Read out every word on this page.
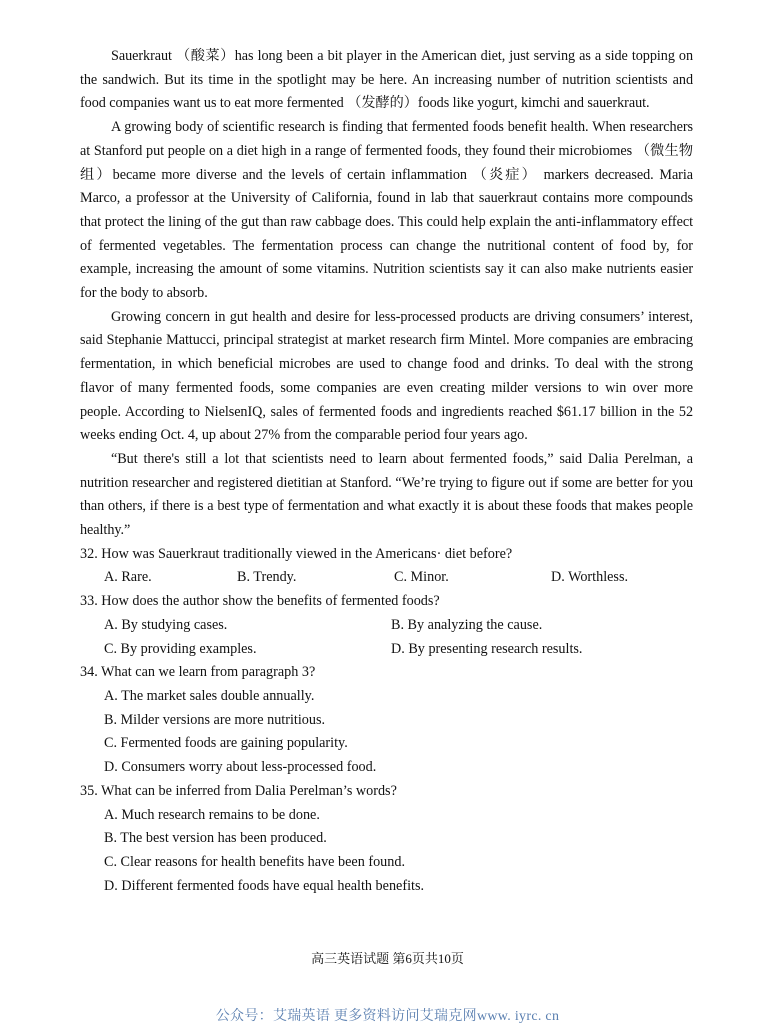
Sauerkraut （酸菜）has long been a bit player in the American diet, just serving as a side topping on the sandwich. But its time in the spotlight may be here. An increasing number of nutrition scientists and food companies want us to eat more fermented （发酵的）foods like yogurt, kimchi and sauerkraut.

A growing body of scientific research is finding that fermented foods benefit health. When researchers at Stanford put people on a diet high in a range of fermented foods, they found their microbiomes （微生物组）became more diverse and the levels of certain inflammation （炎症） markers decreased. Maria Marco, a professor at the University of California, found in lab that sauerkraut contains more compounds that protect the lining of the gut than raw cabbage does. This could help explain the anti-inflammatory effect of fermented vegetables. The fermentation process can change the nutritional content of food by, for example, increasing the amount of some vitamins. Nutrition scientists say it can also make nutrients easier for the body to absorb.

Growing concern in gut health and desire for less-processed products are driving consumers’ interest, said Stephanie Mattucci, principal strategist at market research firm Mintel. More companies are embracing fermentation, in which beneficial microbes are used to change food and drinks. To deal with the strong flavor of many fermented foods, some companies are even creating milder versions to win over more people. According to NielsenIQ, sales of fermented foods and ingredients reached $61.17 billion in the 52 weeks ending Oct. 4, up about 27% from the comparable period four years ago.

“But there's still a lot that scientists need to learn about fermented foods,” said Dalia Perelman, a nutrition researcher and registered dietitian at Stanford. “We’re trying to figure out if some are better for you than others, if there is a best type of fermentation and what exactly it is about these foods that makes people healthy.”

32. How was Sauerkraut traditionally viewed in the Americans· diet before?

A. Rare.	B. Trendy.	C. Minor.	D. Worthless.

33. How does the author show the benefits of fermented foods?

A. By studying cases.	B. By analyzing the cause.
C. By providing examples.	D. By presenting research results.

34. What can we learn from paragraph 3?

A. The market sales double annually.
B. Milder versions are more nutritious.
C. Fermented foods are gaining popularity.
D. Consumers worry about less-processed food.

35. What can be inferred from Dalia Perelman’s words?

A. Much research remains to be done.
B. The best version has been produced.
C. Clear reasons for health benefits have been found.
D. Different fermented foods have equal health benefits.
高三英语试题 第6页共10页
公众号：艾瑞英语 更多资料访问艾瑞克网www. iyrc. cn
